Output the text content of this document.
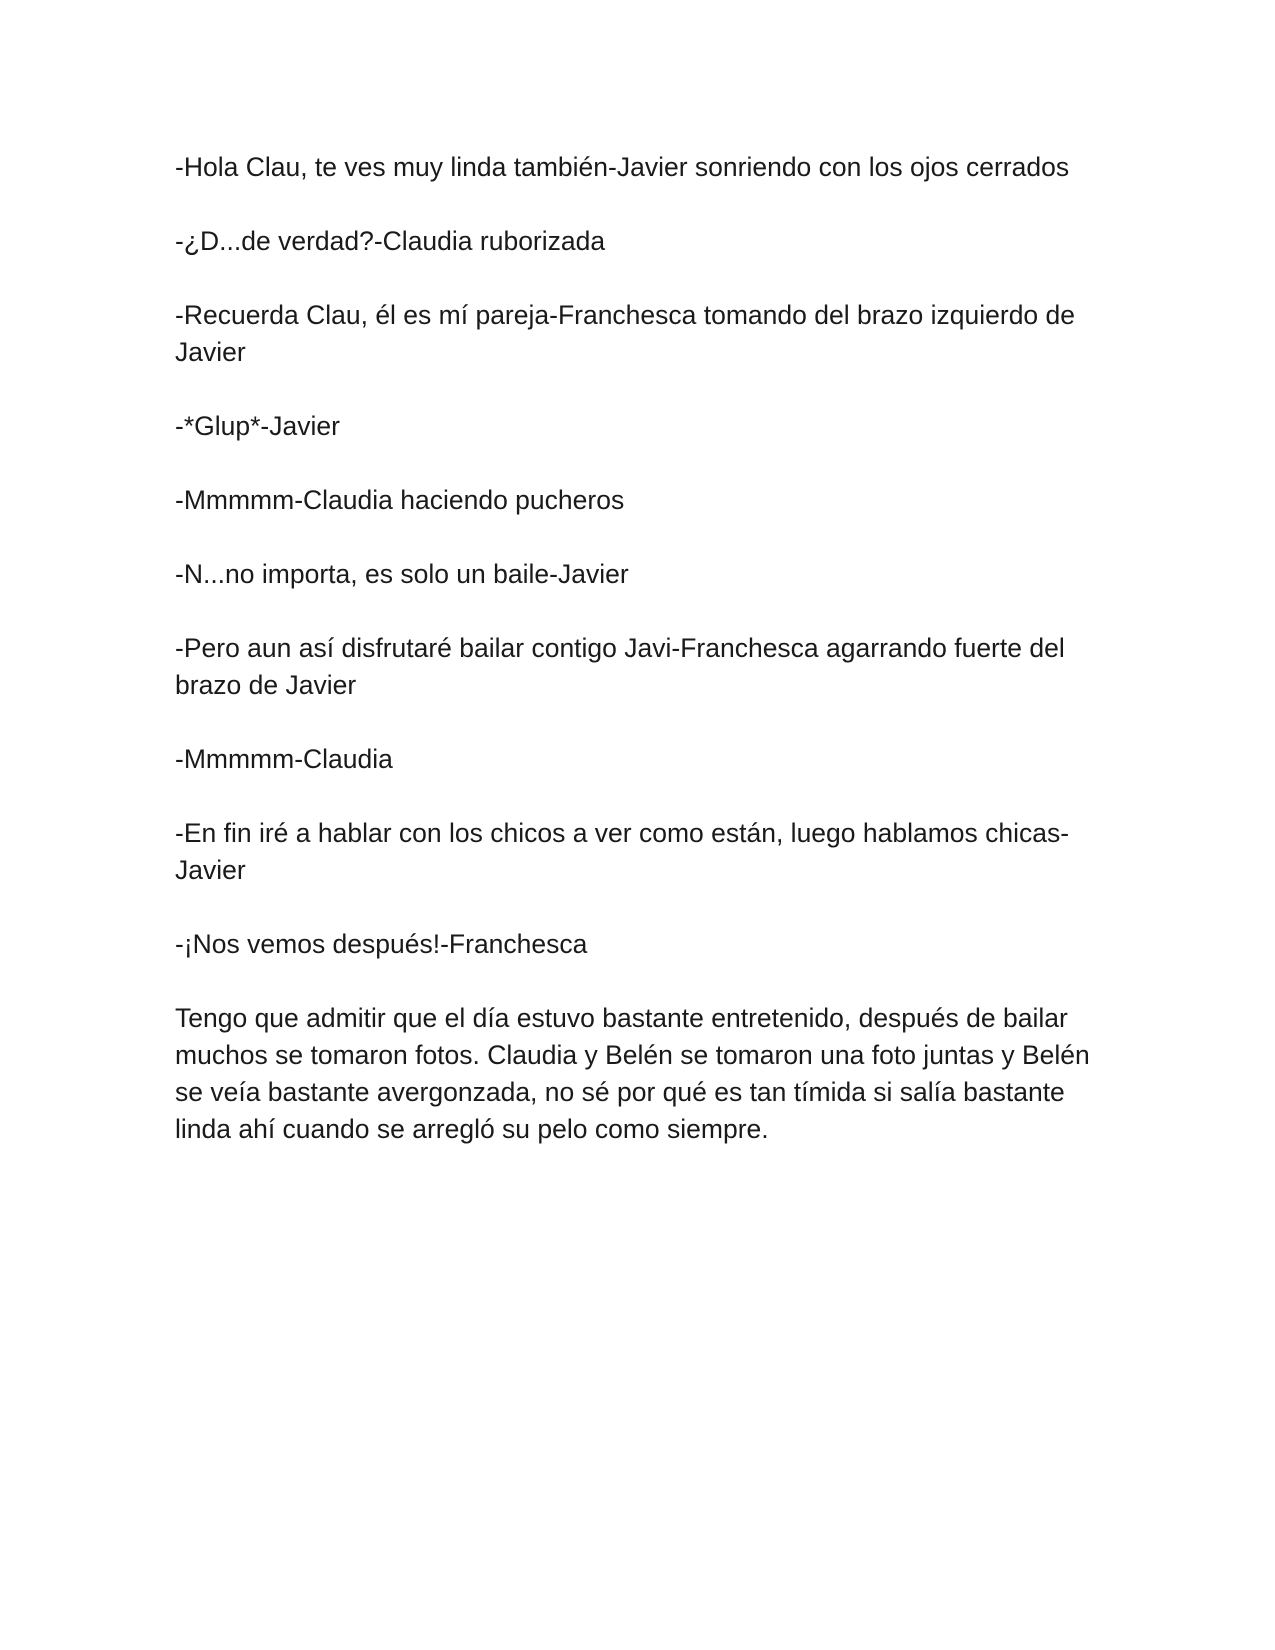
-Hola Clau, te ves muy linda también-Javier sonriendo con los ojos cerrados

-¿D...de verdad?-Claudia ruborizada

-Recuerda Clau, él es mí pareja-Franchesca tomando del brazo izquierdo de Javier

-*Glup*-Javier

-Mmmmm-Claudia haciendo pucheros

-N...no importa, es solo un baile-Javier

-Pero aun así disfrutaré bailar contigo Javi-Franchesca agarrando fuerte del brazo de Javier

-Mmmmm-Claudia

-En fin iré a hablar con los chicos a ver como están, luego hablamos chicas-Javier

-¡Nos vemos después!-Franchesca

Tengo que admitir que el día estuvo bastante entretenido, después de bailar muchos se tomaron fotos. Claudia y Belén se tomaron una foto juntas y Belén se veía bastante avergonzada, no sé por qué es tan tímida si salía bastante linda ahí cuando se arregló su pelo como siempre.
